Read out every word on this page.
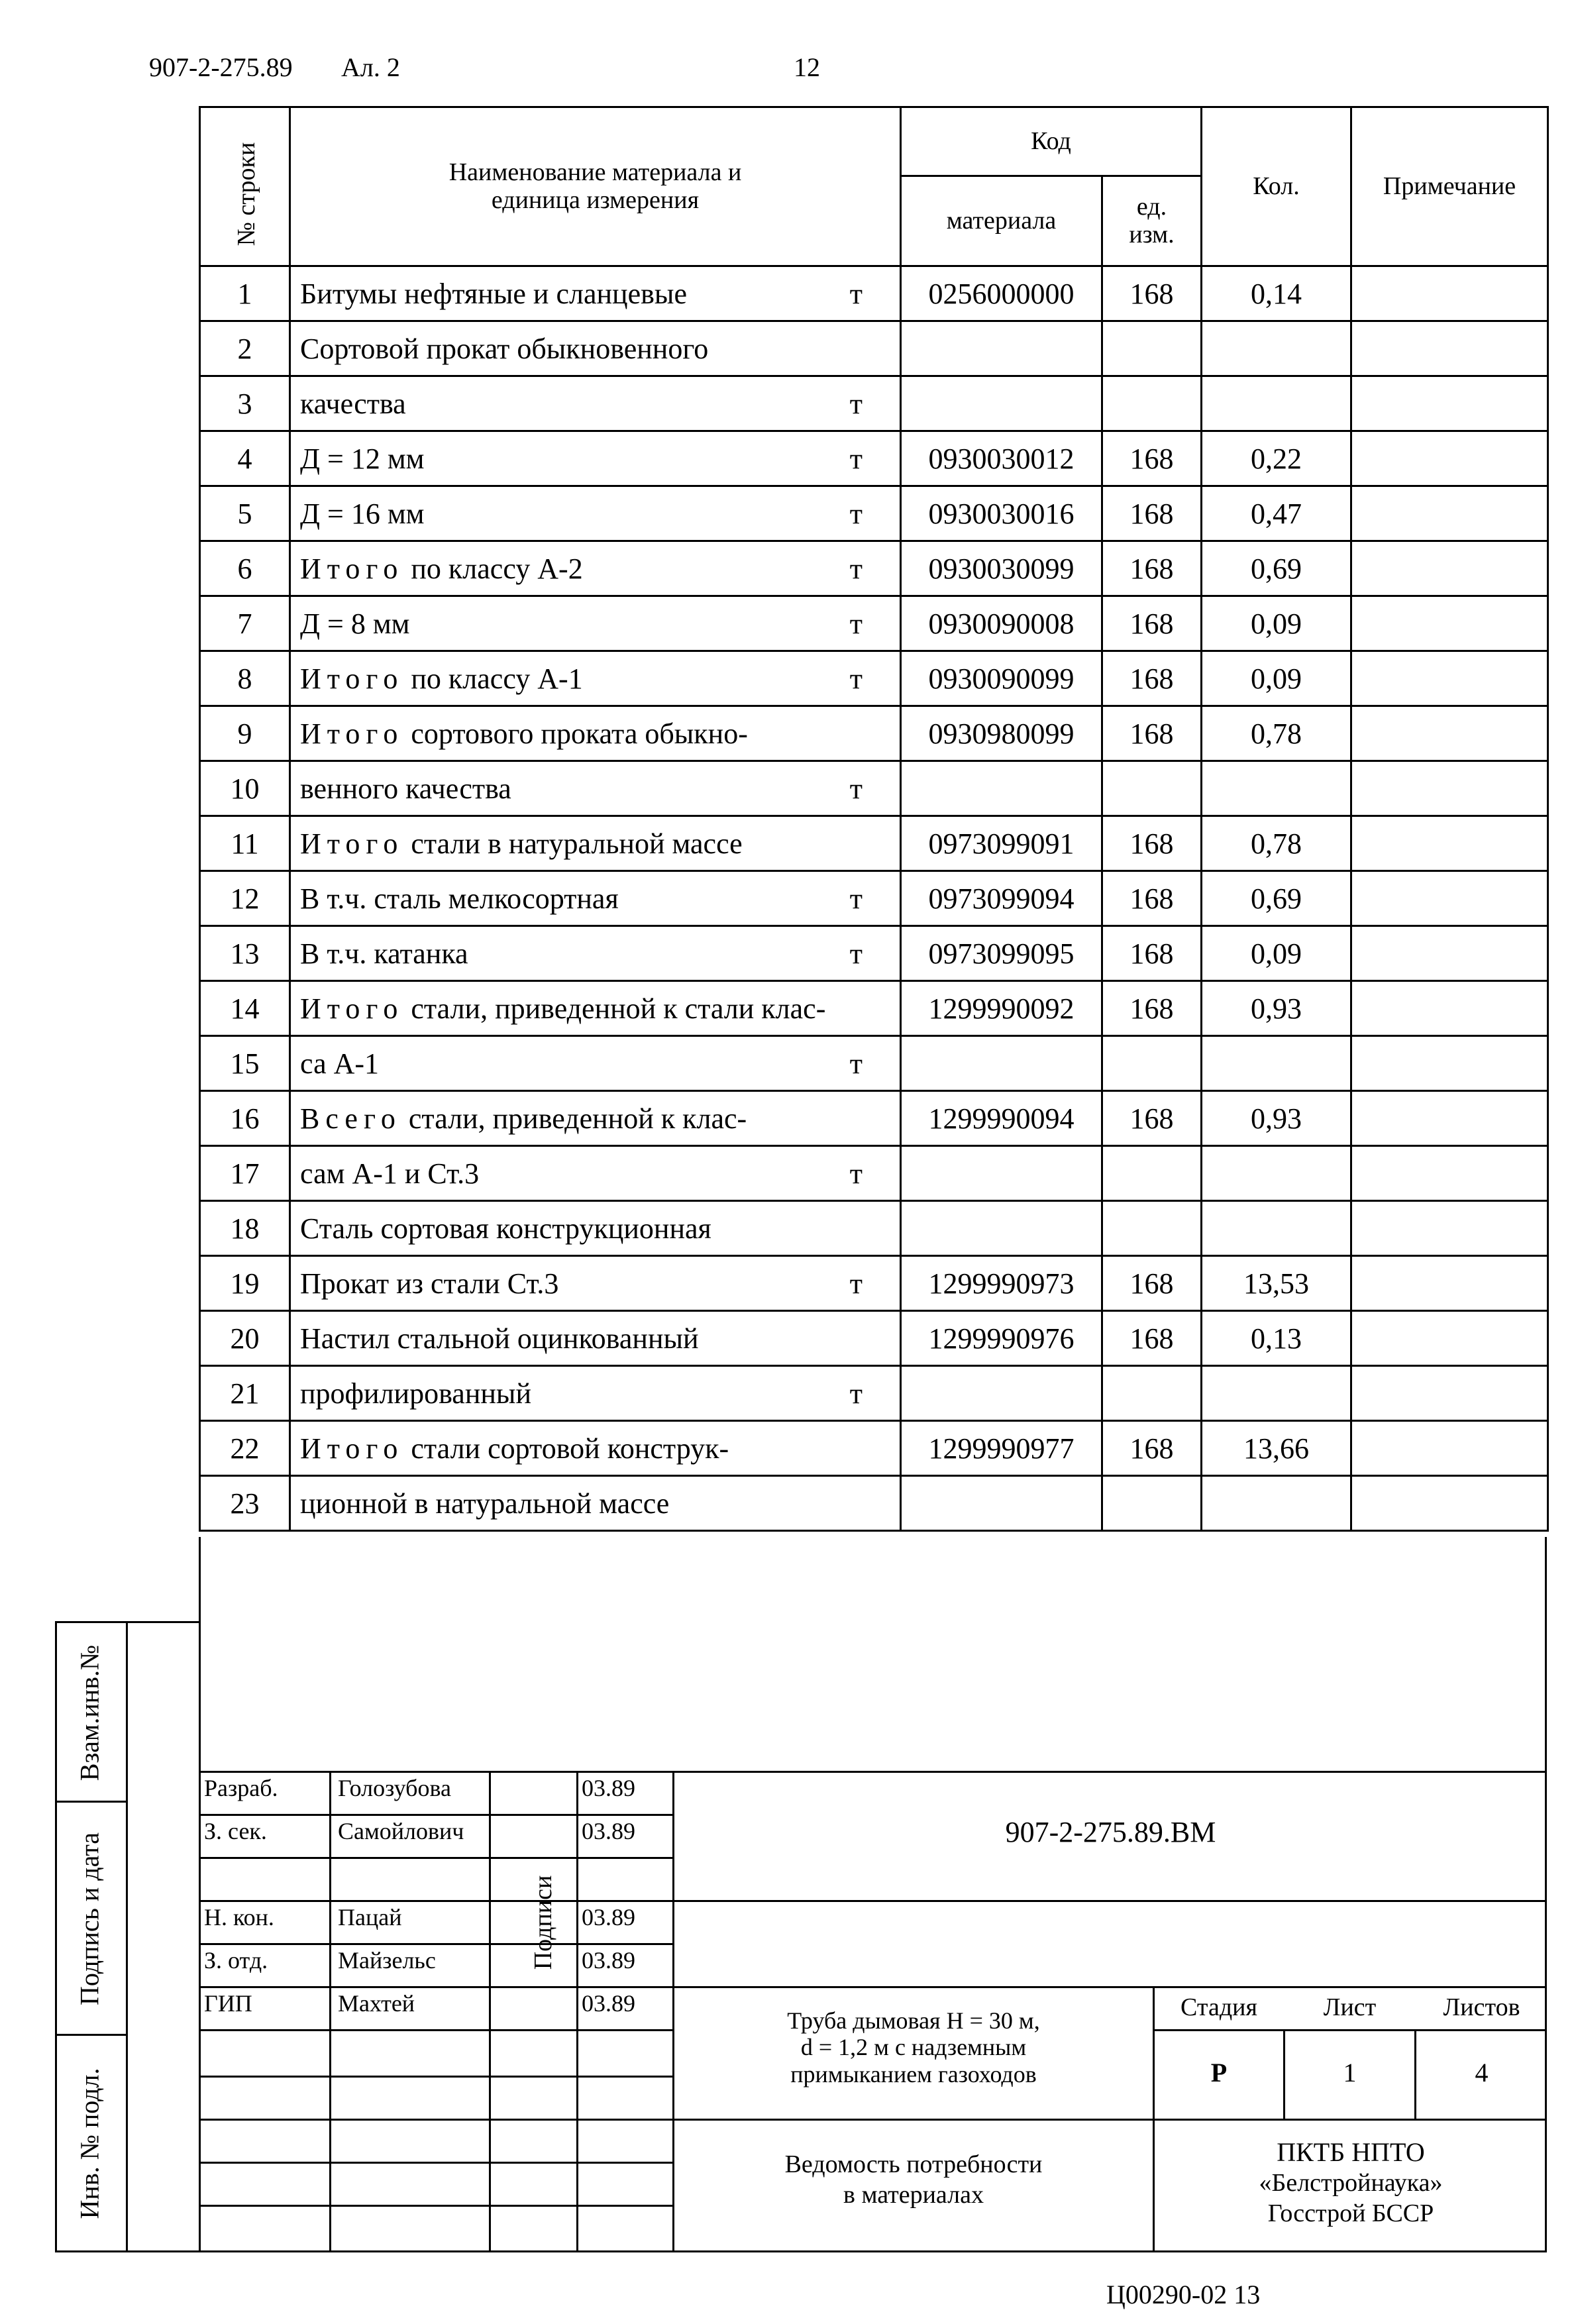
907-2-275.89 Ал. 2	12
№ строки	Наименование материала и единица измерения	Код		Кол.	Примечание
		материала	ед. изм.		

1	Битумы нефтяные и сланцевые т	0256000000	168	0,14	
2	Сортовой прокат обыкновенного

3	качества т				

4	Д = 12 мм т	0930030012	168	0,22	
5	Д = 16 мм т	0930030016	168	0,47	
6	Итого по классу А-2 т	0930030099	168	0,69	
7	Д = 8 мм т	0930090008	168	0,09	
8	Итого по классу А-1 т	0930090099	168	0,09	
9	Итого сортового проката обыкно-	0930980099	168	0,78	
10	венного качества т				

11	Итого стали в натуральной массе	0973099091	168	0,78	
12	В т.ч. сталь мелкосортная т	0973099094	168	0,69	
13	В т.ч. катанка т	0973099095	168	0,09	
14	Итого стали, приведенной к стали клас-	1299990092	168	0,93	
15	са А-1 т				

16	Всего стали, приведенной к клас-	1299990094	168	0,93	
17	сам А-1 и Ст.3 т				

18	Сталь сортовая конструкционная

19	Прокат из стали Ст.3 т	1299990973	168	13,53	
20	Настил стальной оцинкованный	1299990976	168	0,13	
21	профилированный т				

22	Итого стали сортовой конструк-	1299990977	168	13,66	
23	ционной в натуральной массе

Взам.инв.№
Подпись и дата
Инв. № подл.
Разраб.	Голозубова	03.89
З. сек.	Самойлович	03.89
Н. кон.	Пацай	03.89
З. отд.	Майзельс	03.89
ГИП	Махтей	03.89
Подписи
907-2-275.89.ВМ
Труба дымовая Н = 30 м,
d = 1,2 м с надземным
примыканием газоходов
Стадия	Лист	Листов
Р	1	4
Ведомость потребности
в материалах
ПКТБ НПТО
«Белстройнаука»
Госстрой БССР
Ц00290-02 13
